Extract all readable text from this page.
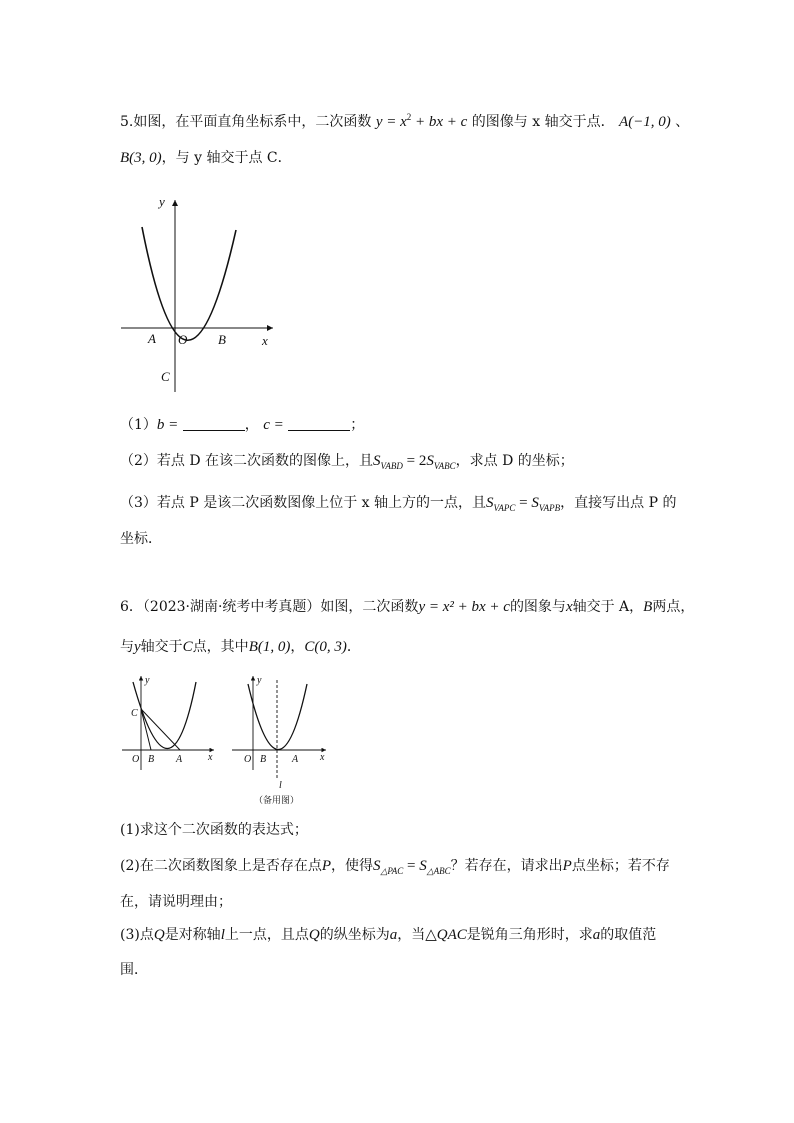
5.如图，在平面直角坐标系中，二次函数 $y = x^2$ + bx + c 的图像与 x 轴交于点． A(−1, 0) 、
B(3, 0)，与 y 轴交于点 C．
y
x
O
A	B
C
（1）b =	， c =	；
（2）若点 D 在该二次函数的图像上，且$S_{VABD} = 2S_{VABC}$，求点 D 的坐标；
（3）若点 P 是该二次函数图像上位于 x 轴上方的一点，且$S_{VAPC} = S_{VAPB}$，直接写出点 P 的
坐标．
6．（2023·湖南·统考中考真题）如图，二次函数y = x² + bx + c的图象与x轴交于 A，B两点，
与y轴交于C点，其中B(1, 0)，C(0, 3)．
y
x
O B A
C
y
x
O B	A
l
（备用图）
(1)求这个二次函数的表达式；
(2)在二次函数图象上是否存在点P，使得$S_{\triangle PAC} = S_{\triangle ABC}$？若存在，请求出P点坐标；若不存
在，请说明理由；
(3)点Q是对称轴l上一点，且点Q的纵坐标为a，当△QAC是锐角三角形时，求a的取值范
围．
